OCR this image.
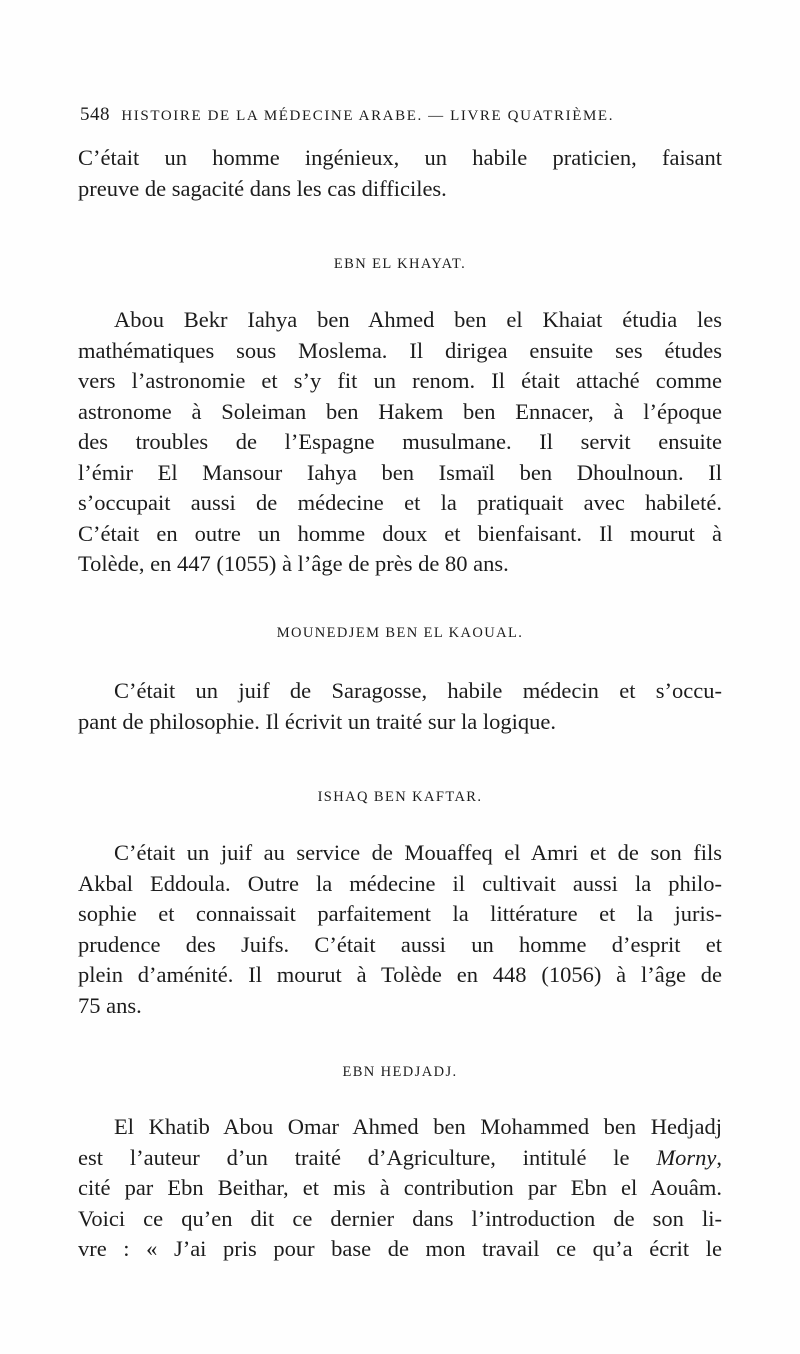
548 HISTOIRE DE LA MÉDECINE ARABE. — LIVRE QUATRIÈME.
C’était un homme ingénieux, un habile praticien, faisant
preuve de sagacité dans les cas difficiles.
EBN EL KHAYAT.
Abou Bekr Iahya ben Ahmed ben el Khaiat étudia les
mathématiques sous Moslema. Il dirigea ensuite ses études
vers l’astronomie et s’y fit un renom. Il était attaché comme
astronome à Soleiman ben Hakem ben Ennacer, à l’époque
des troubles de l’Espagne musulmane. Il servit ensuite
l’émir El Mansour Iahya ben Ismaïl ben Dhoulnoun. Il
s’occupait aussi de médecine et la pratiquait avec habileté.
C’était en outre un homme doux et bienfaisant. Il mourut à
Tolède, en 447 (1055) à l’âge de près de 80 ans.
MOUNEDJEM BEN EL KAOUAL.
C’était un juif de Saragosse, habile médecin et s’occu-
pant de philosophie. Il écrivit un traité sur la logique.
ISHAQ BEN KAFTAR.
C’était un juif au service de Mouaffeq el Amri et de son fils
Akbal Eddoula. Outre la médecine il cultivait aussi la philo-
sophie et connaissait parfaitement la littérature et la juris-
prudence des Juifs. C’était aussi un homme d’esprit et
plein d’aménité. Il mourut à Tolède en 448 (1056) à l’âge de
75 ans.
EBN HEDJADJ.
El Khatib Abou Omar Ahmed ben Mohammed ben Hedjadj
est l’auteur d’un traité d’Agriculture, intitulé le Morny,
cité par Ebn Beithar, et mis à contribution par Ebn el Aouâm.
Voici ce qu’en dit ce dernier dans l’introduction de son li-
vre : « J’ai pris pour base de mon travail ce qu’a écrit le
